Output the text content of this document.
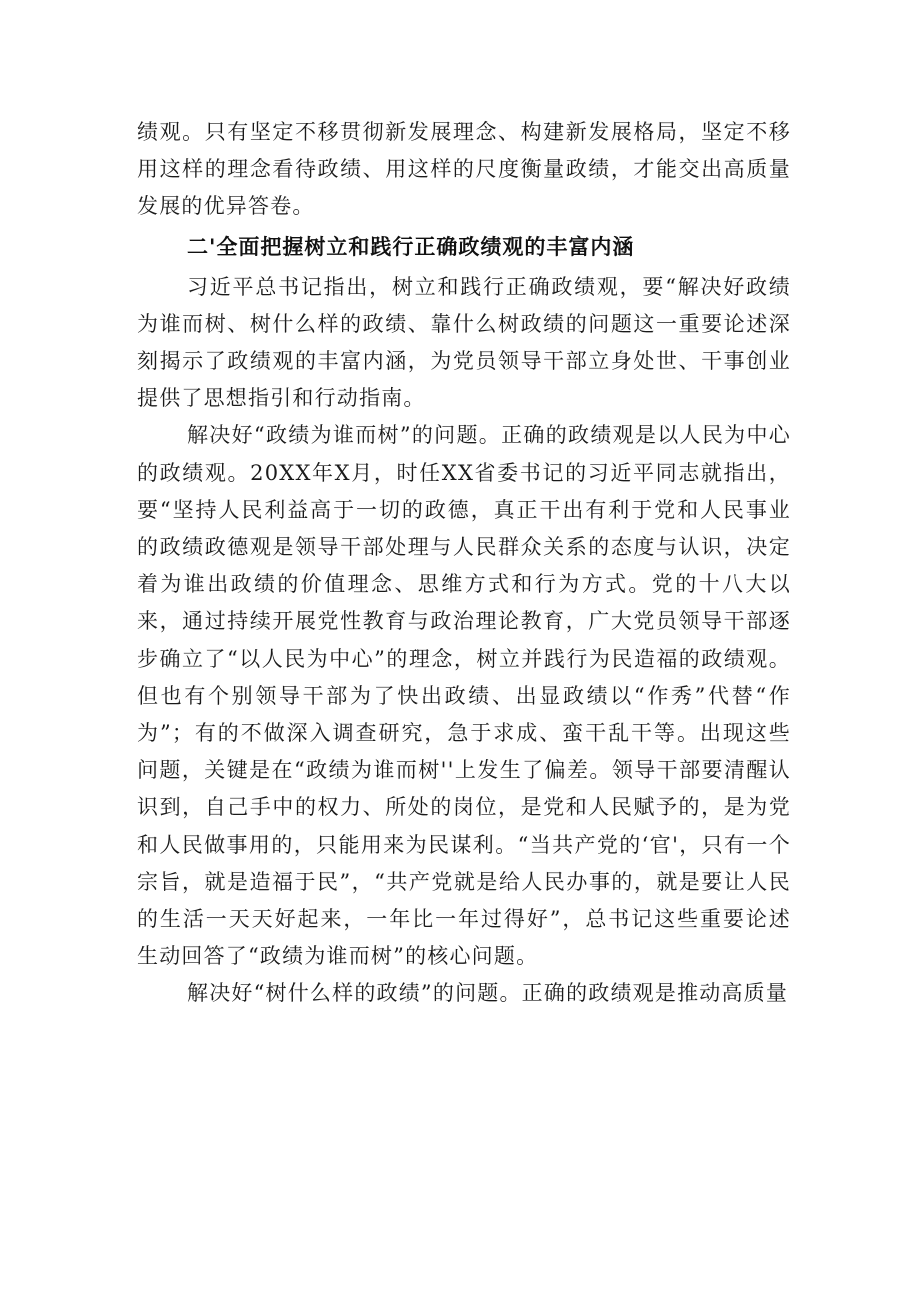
绩观。只有坚定不移贯彻新发展理念、构建新发展格局，坚定不移用这样的理念看待政绩、用这样的尺度衡量政绩，才能交出高质量发展的优异答卷。

二'全面把握树立和践行正确政绩观的丰富内涵

习近平总书记指出，树立和践行正确政绩观，要“解决好政绩为谁而树、树什么样的政绩、靠什么树政绩的问题这一重要论述深刻揭示了政绩观的丰富内涵，为党员领导干部立身处世、干事创业提供了思想指引和行动指南。

解决好“政绩为谁而树”的问题。正确的政绩观是以人民为中心的政绩观。20XX年X月，时任XX省委书记的习近平同志就指出，要“坚持人民利益高于一切的政德，真正干出有利于党和人民事业的政绩政德观是领导干部处理与人民群众关系的态度与认识，决定着为谁出政绩的价值理念、思维方式和行为方式。党的十八大以来，通过持续开展党性教育与政治理论教育，广大党员领导干部逐步确立了“以人民为中心”的理念，树立并践行为民造福的政绩观。但也有个别领导干部为了快出政绩、出显政绩以“作秀”代替“作为”；有的不做深入调查研究，急于求成、蛮干乱干等。出现这些问题，关键是在“政绩为谁而树''上发生了偏差。领导干部要清醒认识到，自己手中的权力、所处的岗位，是党和人民赋予的，是为党和人民做事用的，只能用来为民谋利。“当共产党的‘官'，只有一个宗旨，就是造福于民”，“共产党就是给人民办事的，就是要让人民的生活一天天好起来，一年比一年过得好”，总书记这些重要论述生动回答了“政绩为谁而树”的核心问题。

解决好“树什么样的政绩”的问题。正确的政绩观是推动高质量
